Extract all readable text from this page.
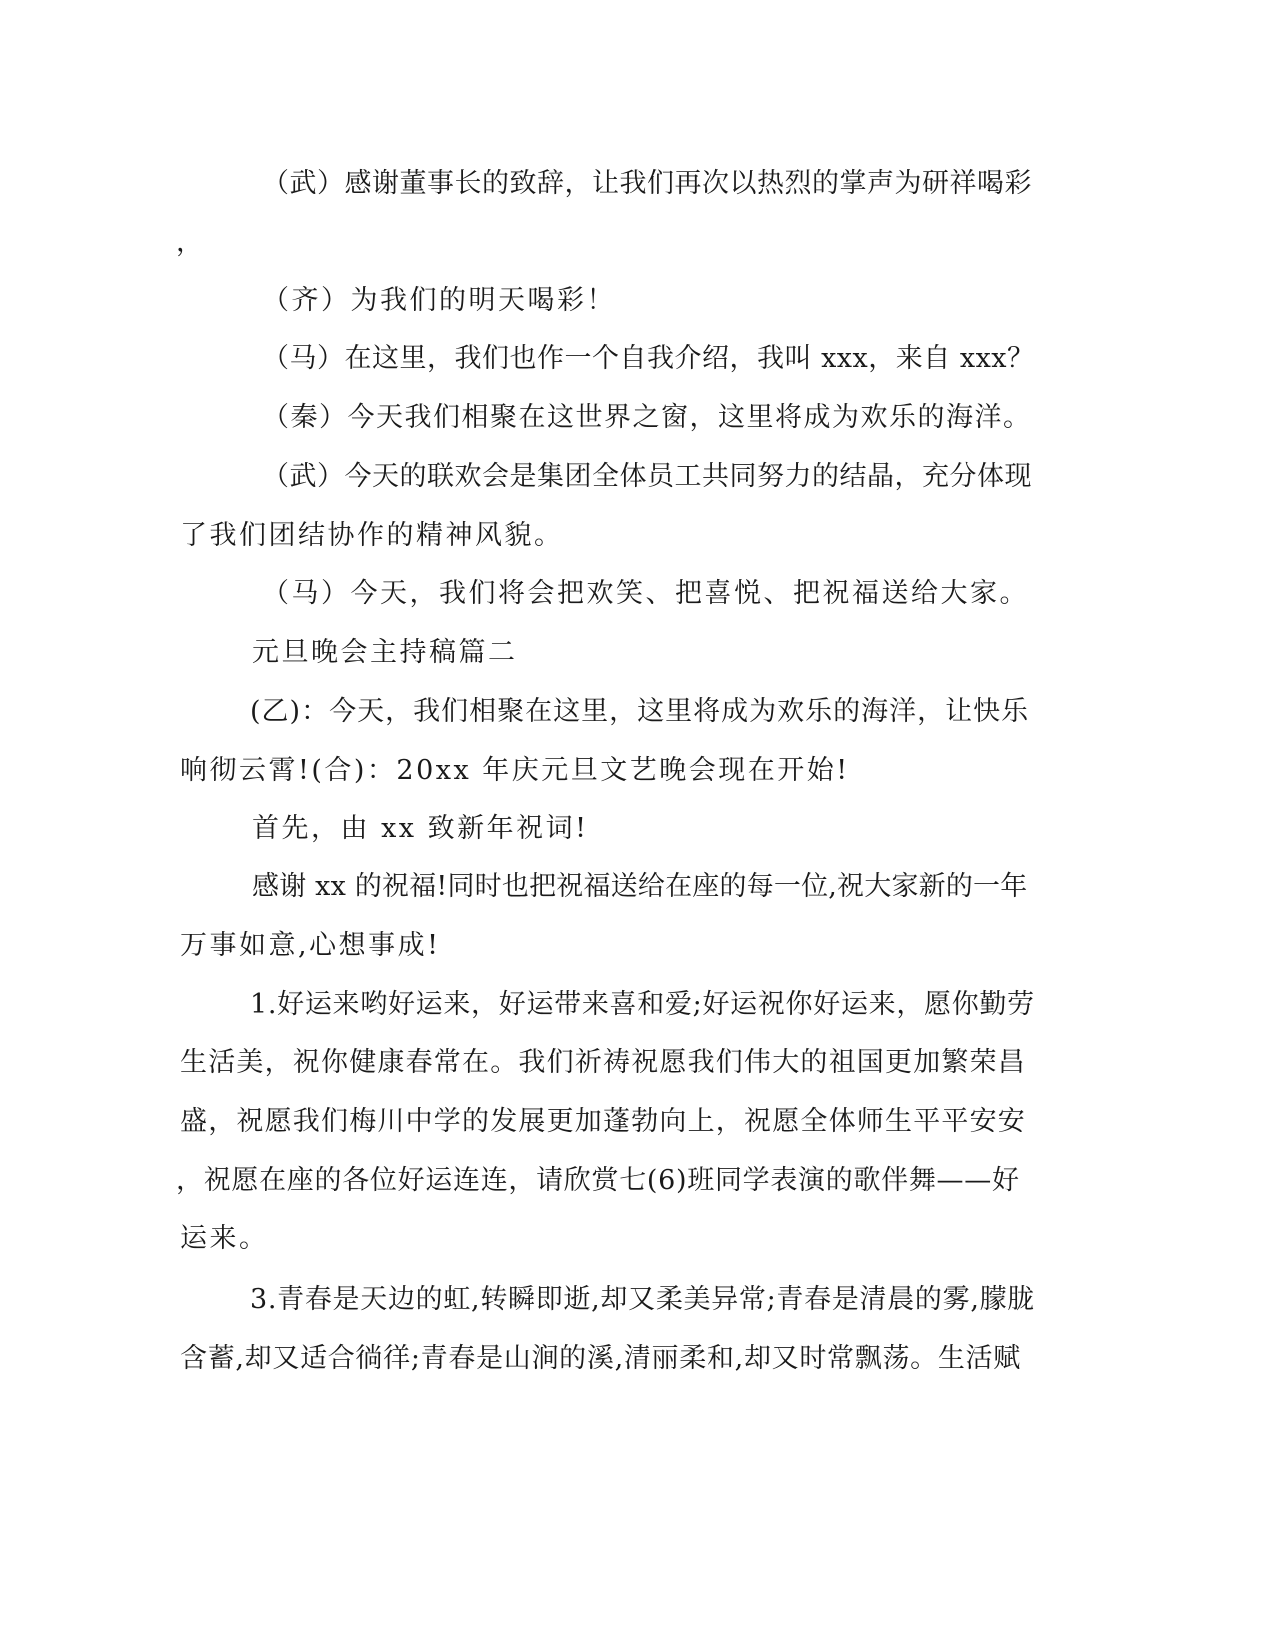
（武）感谢董事长的致辞，让我们再次以热烈的掌声为研祥喝彩
，
（齐）为我们的明天喝彩！
（马）在这里，我们也作一个自我介绍，我叫 xxx，来自 xxx？
（秦）今天我们相聚在这世界之窗，这里将成为欢乐的海洋。
（武）今天的联欢会是集团全体员工共同努力的结晶，充分体现
了我们团结协作的精神风貌。
（马）今天，我们将会把欢笑、把喜悦、把祝福送给大家。
元旦晚会主持稿篇二
(乙)：今天，我们相聚在这里，这里将成为欢乐的海洋，让快乐
响彻云霄!(合)：20xx 年庆元旦文艺晚会现在开始!
首先，由 xx 致新年祝词!
感谢 xx 的祝福!同时也把祝福送给在座的每一位,祝大家新的一年
万事如意,心想事成!
1.好运来哟好运来，好运带来喜和爱;好运祝你好运来，愿你勤劳
生活美，祝你健康春常在。我们祈祷祝愿我们伟大的祖国更加繁荣昌
盛，祝愿我们梅川中学的发展更加蓬勃向上，祝愿全体师生平平安安
，祝愿在座的各位好运连连，请欣赏七(6)班同学表演的歌伴舞——好
运来。
3.青春是天边的虹,转瞬即逝,却又柔美异常;青春是清晨的雾,朦胧
含蓄,却又适合徜徉;青春是山涧的溪,清丽柔和,却又时常飘荡。生活赋
